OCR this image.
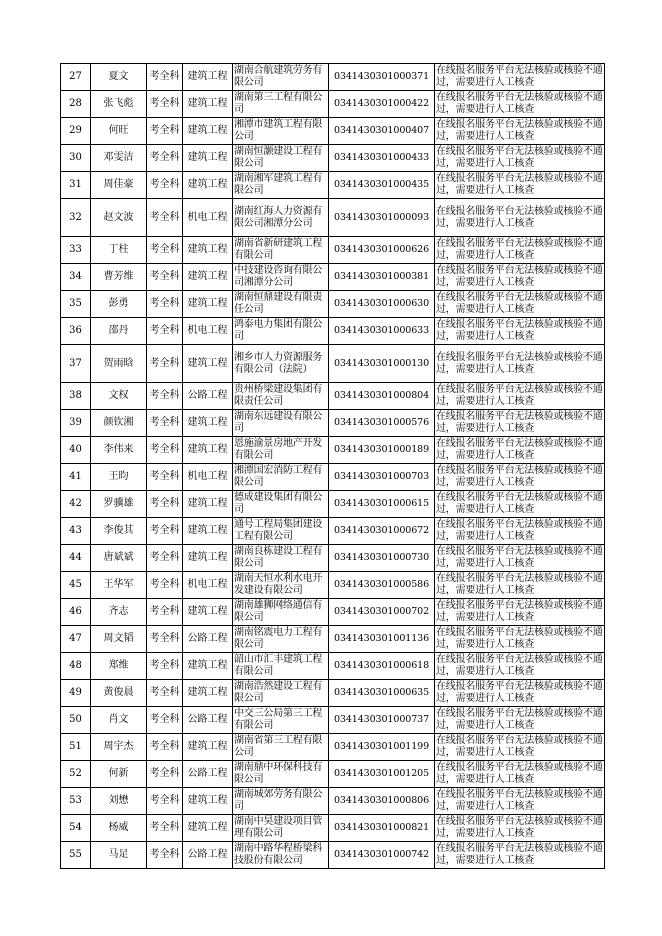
27	夏文	考全科	建筑工程	湖南合航建筑劳务有限公司	0341430301000371	在线报名服务平台无法核验或核验不通过，需要进行人工核查
28	张飞彪	考全科	建筑工程	湖南第三工程有限公司	0341430301000422	在线报名服务平台无法核验或核验不通过，需要进行人工核查
29	何旺	考全科	建筑工程	湘潭市建筑工程有限公司	0341430301000407	在线报名服务平台无法核验或核验不通过，需要进行人工核查
30	邓雯洁	考全科	建筑工程	湖南恒灏建设工程有限公司	0341430301000433	在线报名服务平台无法核验或核验不通过，需要进行人工核查
31	周佳豪	考全科	建筑工程	湖南湘军建筑工程有限公司	0341430301000435	在线报名服务平台无法核验或核验不通过，需要进行人工核查
32	赵文波	考全科	机电工程	湖南红海人力资源有限公司湘潭分公司	0341430301000093	在线报名服务平台无法核验或核验不通过，需要进行人工核查
33	丁柱	考全科	建筑工程	湖南省新研建筑工程有限公司	0341430301000626	在线报名服务平台无法核验或核验不通过，需要进行人工核查
34	曹芳维	考全科	建筑工程	中技建设咨询有限公司湘潭分公司	0341430301000381	在线报名服务平台无法核验或核验不通过，需要进行人工核查
35	彭勇	考全科	建筑工程	湖南恒鼎建设有限责任公司	0341430301000630	在线报名服务平台无法核验或核验不通过，需要进行人工核查
36	邵丹	考全科	机电工程	鸿泰电力集团有限公司	0341430301000633	在线报名服务平台无法核验或核验不通过，需要进行人工核查
37	贺雨晗	考全科	建筑工程	湘乡市人力资源服务有限公司（法院）	0341430301000130	在线报名服务平台无法核验或核验不通过，需要进行人工核查
38	文权	考全科	公路工程	贵州桥梁建设集团有限责任公司	0341430301000804	在线报名服务平台无法核验或核验不通过，需要进行人工核查
39	颜钦湘	考全科	建筑工程	湖南东远建设有限公司	0341430301000576	在线报名服务平台无法核验或核验不通过，需要进行人工核查
40	李伟来	考全科	建筑工程	恩施渝景房地产开发有限公司	0341430301000189	在线报名服务平台无法核验或核验不通过，需要进行人工核查
41	王昀	考全科	机电工程	湘潭国宏消防工程有限公司	0341430301000703	在线报名服务平台无法核验或核验不通过，需要进行人工核查
42	罗骥雄	考全科	建筑工程	德成建设集团有限公司	0341430301000615	在线报名服务平台无法核验或核验不通过，需要进行人工核查
43	李俊其	考全科	建筑工程	通号工程局集团建设工程有限公司	0341430301000672	在线报名服务平台无法核验或核验不通过，需要进行人工核查
44	唐斌斌	考全科	建筑工程	湖南良栋建设工程有限公司	0341430301000730	在线报名服务平台无法核验或核验不通过，需要进行人工核查
45	王华军	考全科	机电工程	湖南天恒水利水电开发建设有限公司	0341430301000586	在线报名服务平台无法核验或核验不通过，需要进行人工核查
46	齐志	考全科	建筑工程	湖南雄狮网络通信有限公司	0341430301000702	在线报名服务平台无法核验或核验不通过，需要进行人工核查
47	周文韬	考全科	公路工程	湖南铭震电力工程有限公司	0341430301001136	在线报名服务平台无法核验或核验不通过，需要进行人工核查
48	郑维	考全科	建筑工程	韶山市汇丰建筑工程有限公司	0341430301000618	在线报名服务平台无法核验或核验不通过，需要进行人工核查
49	黄俊晨	考全科	建筑工程	湖南浩然建设工程有限公司	0341430301000635	在线报名服务平台无法核验或核验不通过，需要进行人工核查
50	肖文	考全科	公路工程	中交三公局第三工程有限公司	0341430301000737	在线报名服务平台无法核验或核验不通过，需要进行人工核查
51	周宇杰	考全科	建筑工程	湖南省第三工程有限公司	0341430301001199	在线报名服务平台无法核验或核验不通过，需要进行人工核查
52	何新	考全科	公路工程	湖南鼎中环保科技有限公司	0341430301001205	在线报名服务平台无法核验或核验不通过，需要进行人工核查
53	刘懋	考全科	建筑工程	湖南城郊劳务有限公司	0341430301000806	在线报名服务平台无法核验或核验不通过，需要进行人工核查
54	杨威	考全科	建筑工程	湖南中昊建设项目管理有限公司	0341430301000821	在线报名服务平台无法核验或核验不通过，需要进行人工核查
55	马足	考全科	公路工程	湖南中路华程桥梁科技股份有限公司	0341430301000742	在线报名服务平台无法核验或核验不通过，需要进行人工核查
